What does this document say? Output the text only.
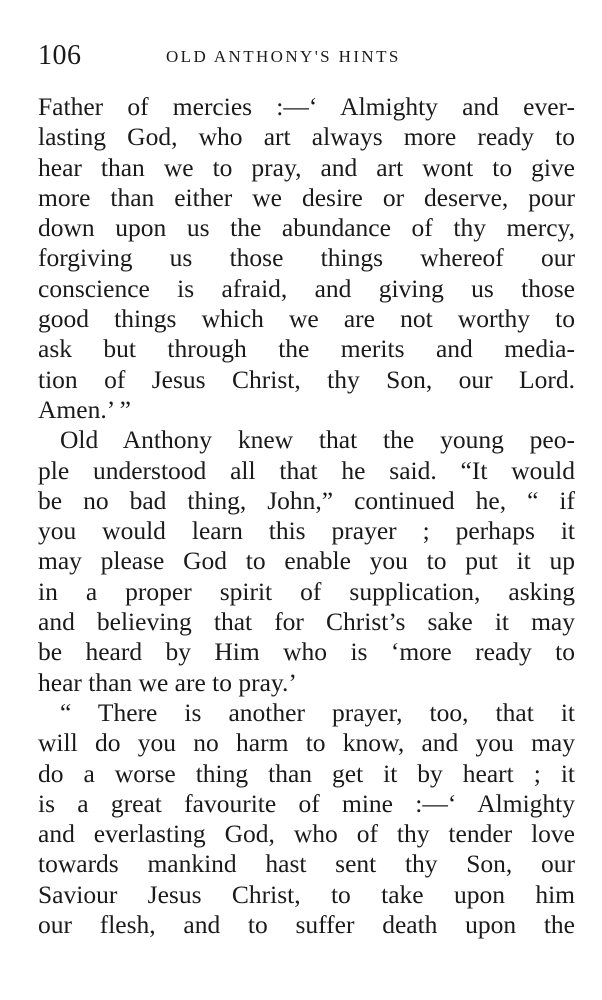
106	OLD ANTHONY'S HINTS
Father of mercies :—‘ Almighty and ever-
lasting God, who art always more ready to
hear than we to pray, and art wont to give
more than either we desire or deserve, pour
down upon us the abundance of thy mercy,
forgiving us those things whereof our
conscience is afraid, and giving us those
good things which we are not worthy to
ask but through the merits and media-
tion of Jesus Christ, thy Son, our Lord.
Amen.’ ”
Old Anthony knew that the young peo-
ple understood all that he said. “It would
be no bad thing, John,” continued he, “ if
you would learn this prayer ; perhaps it
may please God to enable you to put it up
in a proper spirit of supplication, asking
and believing that for Christ’s sake it may
be heard by Him who is ‘more ready to
hear than we are to pray.’
“ There is another prayer, too, that it
will do you no harm to know, and you may
do a worse thing than get it by heart ; it
is a great favourite of mine :—‘ Almighty
and everlasting God, who of thy tender love
towards mankind hast sent thy Son, our
Saviour Jesus Christ, to take upon him
our flesh, and to suffer death upon the
